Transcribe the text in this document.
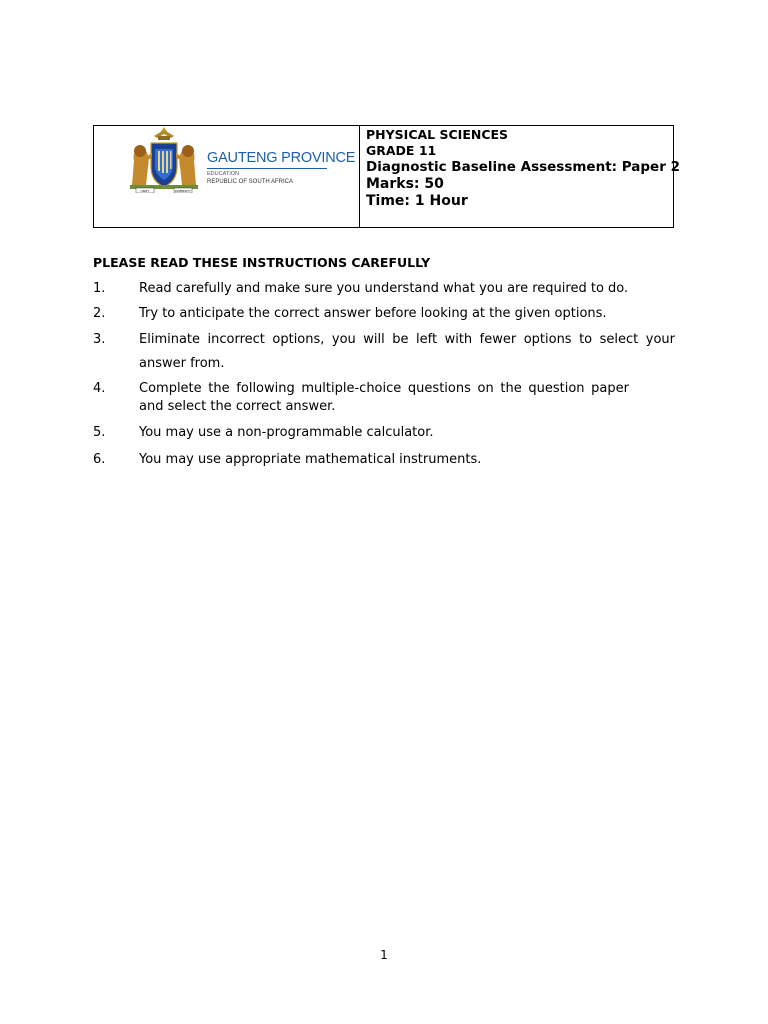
UNITY	DIVERSITY
GAUTENG PROVINCE
EDUCATION
REPUBLIC OF SOUTH AFRICA
PHYSICAL SCIENCES
GRADE 11
Diagnostic Baseline Assessment: Paper 2
Marks: 50
Time: 1 Hour
PLEASE READ THESE INSTRUCTIONS CAREFULLY
1.	Read carefully and make sure you understand what you are required to do.
2.	Try to anticipate the correct answer before looking at the given options.
3.	Eliminate incorrect options, you will be left with fewer options to select your answer from.
4.	Complete the following multiple-choice questions on the question paper and select the correct answer.
5.	You may use a non-programmable calculator.
6.	You may use appropriate mathematical instruments.
1
